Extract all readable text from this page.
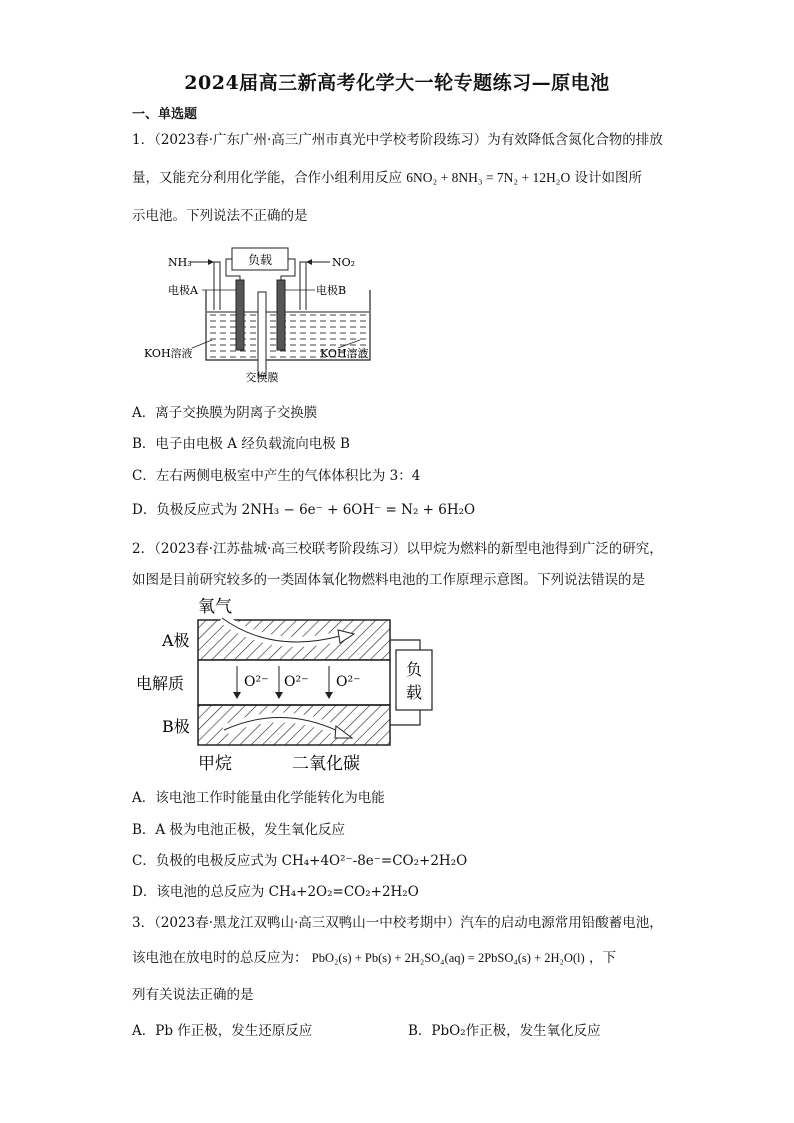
2024届高三新高考化学大一轮专题练习—原电池
一、单选题
1．（2023春·广东广州·高三广州市真光中学校考阶段练习）为有效降低含氮化合物的排放
量，又能充分利用化学能，合作小组利用反应 6NO₂ + 8NH₃ = 7N₂ + 12H₂O 设计如图所
示电池。下列说法不正确的是
负载
NH₃	NO₂
电极A	电极B
KOH溶液	KOH溶液
交换膜
A．离子交换膜为阴离子交换膜
B．电子由电极 A 经负载流向电极 B
C．左右两侧电极室中产生的气体体积比为 3：4
D．负极反应式为 2NH₃ − 6e⁻ + 6OH⁻ = N₂ + 6H₂O
2．（2023春·江苏盐城·高三校联考阶段练习）以甲烷为燃料的新型电池得到广泛的研究，
如图是目前研究较多的一类固体氧化物燃料电池的工作原理示意图。下列说法错误的是
氧气
A极
电解质
B极
O²⁻ O²⁻ O²⁻
负
载
甲烷	二氧化碳
A．该电池工作时能量由化学能转化为电能
B．A 极为电池正极，发生氧化反应
C．负极的电极反应式为 CH₄+4O²⁻-8e⁻=CO₂+2H₂O
D．该电池的总反应为 CH₄+2O₂=CO₂+2H₂O
3．（2023春·黑龙江双鸭山·高三双鸭山一中校考期中）汽车的启动电源常用铅酸蓄电池，
该电池在放电时的总反应为： PbO₂(s) + Pb(s) + 2H₂SO₄(aq) = 2PbSO₄(s) + 2H₂O(l) ，下
列有关说法正确的是
A．Pb 作正极，发生还原反应	B．PbO₂作正极，发生氧化反应
